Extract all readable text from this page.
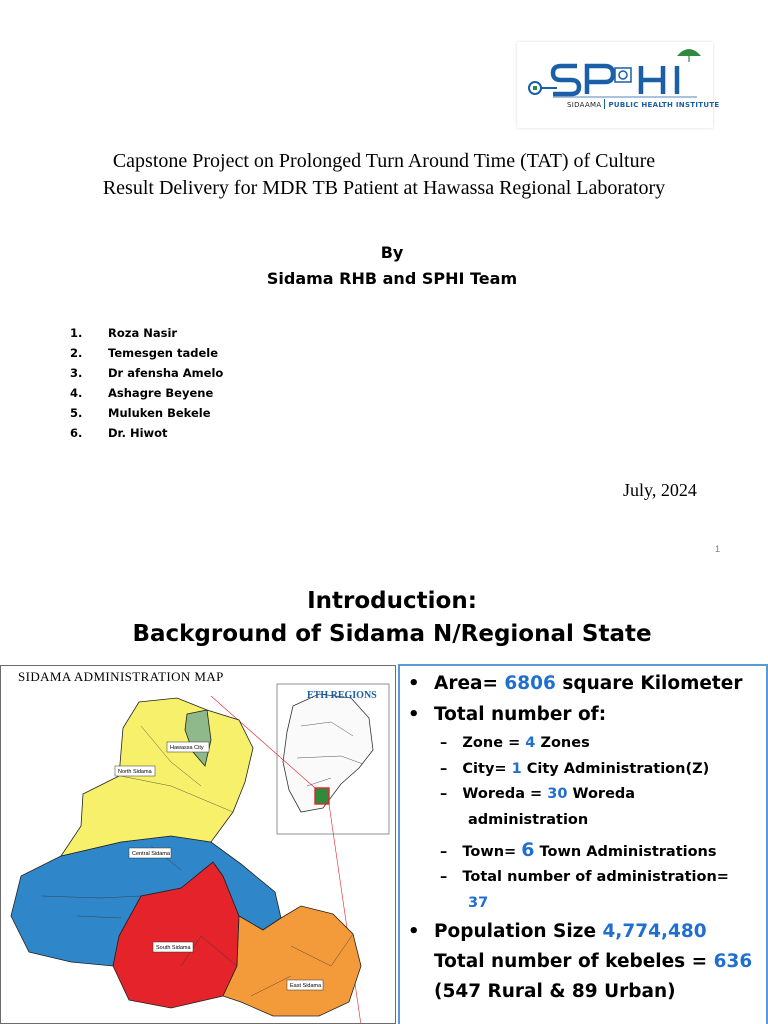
SIDAAMA PUBLIC HEALTH INSTITUTE
Capstone Project on Prolonged Turn Around Time (TAT) of Culture
Result Delivery for MDR TB Patient at Hawassa Regional Laboratory
By
Sidama RHB and SPHI Team
1. Roza Nasir
2. Temesgen tadele
3. Dr afensha Amelo
4. Ashagre Beyene
5. Muluken Bekele
6. Dr. Hiwot
July, 2024
1
Introduction:
Background of Sidama N/Regional State
Hawassa City
North Sidama
Central Sidama
South Sidama
East Sidama
ETH REGIONS
SIDAMA ADMINISTRATION MAP	• Area= 6806 square Kilometer
• Total number of:
–   Zone = 4 Zones
–   City= 1 City Administration(Z)
–   Woreda = 30 Woreda
administration
–   Town= 6 Town Administrations
–   Total number of administration=
37
• Population Size 4,774,480
Total number of kebeles = 636
(547 Rural & 89 Urban)
